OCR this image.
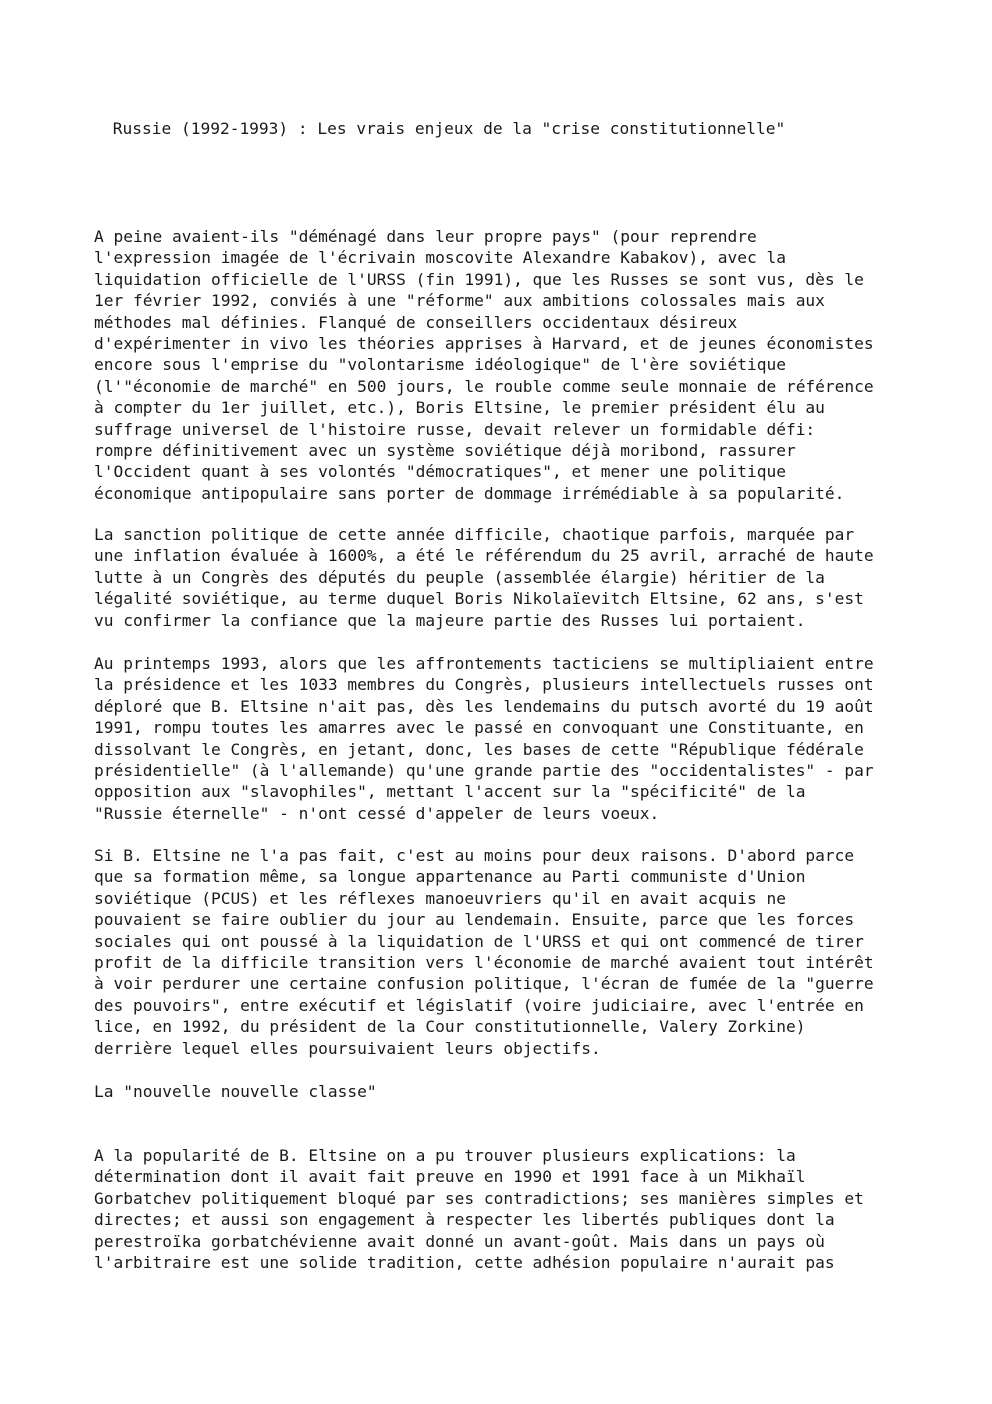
Russie (1992-1993) : Les vrais enjeux de la "crise constitutionnelle"
A peine avaient-ils "déménagé dans leur propre pays" (pour reprendre
l'expression imagée de l'écrivain moscovite Alexandre Kabakov), avec la
liquidation officielle de l'URSS (fin 1991), que les Russes se sont vus, dès le
1er février 1992, conviés à une "réforme" aux ambitions colossales mais aux
méthodes mal définies. Flanqué de conseillers occidentaux désireux
d'expérimenter in vivo les théories apprises à Harvard, et de jeunes économistes
encore sous l'emprise du "volontarisme idéologique" de l'ère soviétique
(l'"économie de marché" en 500 jours, le rouble comme seule monnaie de référence
à compter du 1er juillet, etc.), Boris Eltsine, le premier président élu au
suffrage universel de l'histoire russe, devait relever un formidable défi:
rompre définitivement avec un système soviétique déjà moribond, rassurer
l'Occident quant à ses volontés "démocratiques", et mener une politique
économique antipopulaire sans porter de dommage irrémédiable à sa popularité.
La sanction politique de cette année difficile, chaotique parfois, marquée par
une inflation évaluée à 1600%, a été le référendum du 25 avril, arraché de haute
lutte à un Congrès des députés du peuple (assemblée élargie) héritier de la
légalité soviétique, au terme duquel Boris Nikolaïevitch Eltsine, 62 ans, s'est
vu confirmer la confiance que la majeure partie des Russes lui portaient.
Au printemps 1993, alors que les affrontements tacticiens se multipliaient entre
la présidence et les 1033 membres du Congrès, plusieurs intellectuels russes ont
déploré que B. Eltsine n'ait pas, dès les lendemains du putsch avorté du 19 août
1991, rompu toutes les amarres avec le passé en convoquant une Constituante, en
dissolvant le Congrès, en jetant, donc, les bases de cette "République fédérale
présidentielle" (à l'allemande) qu'une grande partie des "occidentalistes" - par
opposition aux "slavophiles", mettant l'accent sur la "spécificité" de la
"Russie éternelle" - n'ont cessé d'appeler de leurs voeux.
Si B. Eltsine ne l'a pas fait, c'est au moins pour deux raisons. D'abord parce
que sa formation même, sa longue appartenance au Parti communiste d'Union
soviétique (PCUS) et les réflexes manoeuvriers qu'il en avait acquis ne
pouvaient se faire oublier du jour au lendemain. Ensuite, parce que les forces
sociales qui ont poussé à la liquidation de l'URSS et qui ont commencé de tirer
profit de la difficile transition vers l'économie de marché avaient tout intérêt
à voir perdurer une certaine confusion politique, l'écran de fumée de la "guerre
des pouvoirs", entre exécutif et législatif (voire judiciaire, avec l'entrée en
lice, en 1992, du président de la Cour constitutionnelle, Valery Zorkine)
derrière lequel elles poursuivaient leurs objectifs.
La "nouvelle nouvelle classe"
A la popularité de B. Eltsine on a pu trouver plusieurs explications: la
détermination dont il avait fait preuve en 1990 et 1991 face à un Mikhaïl
Gorbatchev politiquement bloqué par ses contradictions; ses manières simples et
directes; et aussi son engagement à respecter les libertés publiques dont la
perestroïka gorbatchévienne avait donné un avant-goût. Mais dans un pays où
l'arbitraire est une solide tradition, cette adhésion populaire n'aurait pas
